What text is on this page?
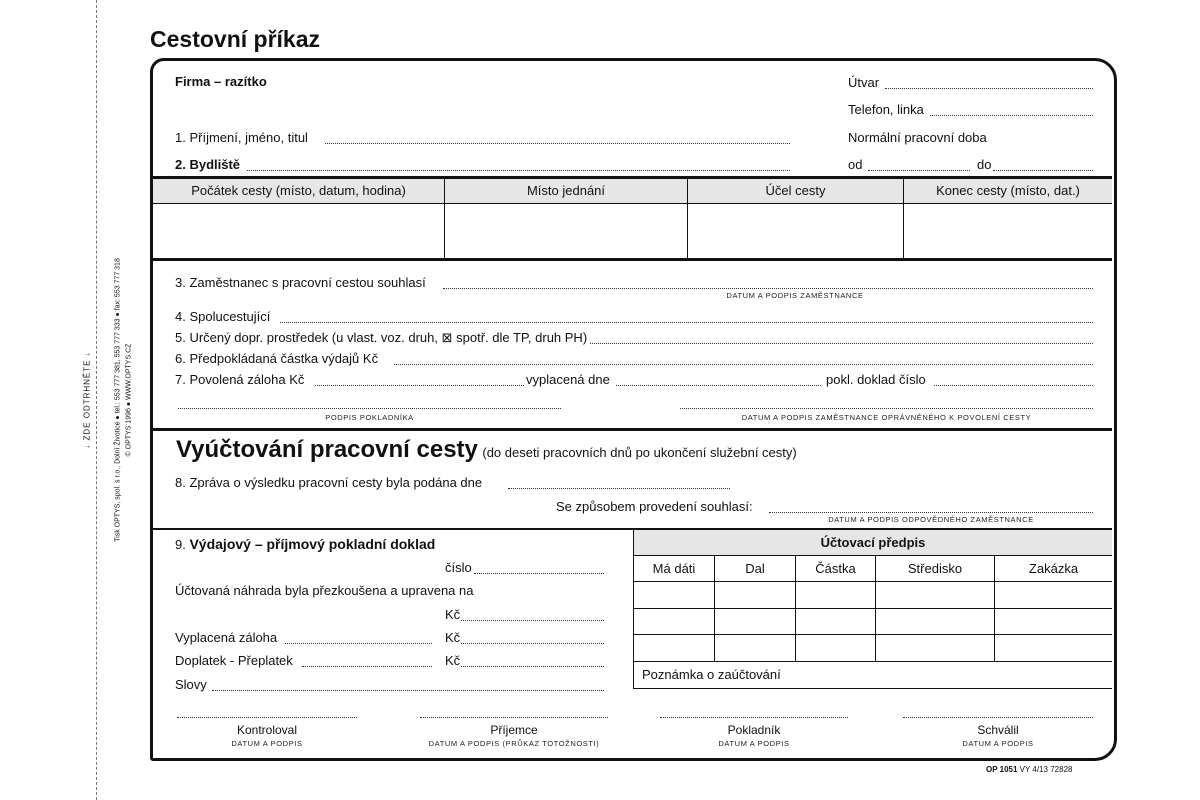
↓ ZDE ODTRHNĚTE ↓	Tisk OPTYS, spol. s r.o., Dolní Životice ● tel.: 553 777 381, 553 777 333 ● fax: 553 777 318 © OPTYS 1996 ● WWW.OPTYS.CZ
Cestovní příkaz
Firma – razítko	Útvar
Telefon, linka
Normální pracovní doba
od	do
1. Příjmení, jméno, titul
2. Bydliště
Počátek cesty (místo, datum, hodina)	Místo jednání	Účel cesty	Konec cesty (místo, dat.)
3. Zaměstnanec s pracovní cestou souhlasí
DATUM A PODPIS ZAMĚSTNANCE
4. Spolucestující
5. Určený dopr. prostředek (u vlast. voz. druh, ⊠ spotř. dle TP, druh PH)
6. Předpokládaná částka výdajů Kč
7. Povolená záloha Kč	vyplacená dne	pokl. doklad číslo
PODPIS POKLADNÍKA	DATUM A PODPIS ZAMĚSTNANCE OPRÁVNĚNÉHO K POVOLENÍ CESTY
Vyúčtování pracovní cesty (do deseti pracovních dnů po ukončení služební cesty)
8. Zpráva o výsledku pracovní cesty byla podána dne
Se způsobem provedení souhlasí:
DATUM A PODPIS ODPOVĚDNÉHO ZAMĚSTNANCE
9. Výdajový – příjmový pokladní doklad
číslo
Účtovaná náhrada byla přezkoušena a upravena na
Kč
Vyplacená záloha	Kč
Doplatek - Přeplatek	Kč
Slovy
Účtovací předpis
Má dáti	Dal	Částka	Středisko	Zakázka
Poznámka o zaúčtování
Kontroloval
DATUM A PODPIS
Příjemce
DATUM A PODPIS (PRŮKAZ TOTOŽNOSTI)
Pokladník
DATUM A PODPIS
Schválil
DATUM A PODPIS
OP 1051 VY 4/13 72828
